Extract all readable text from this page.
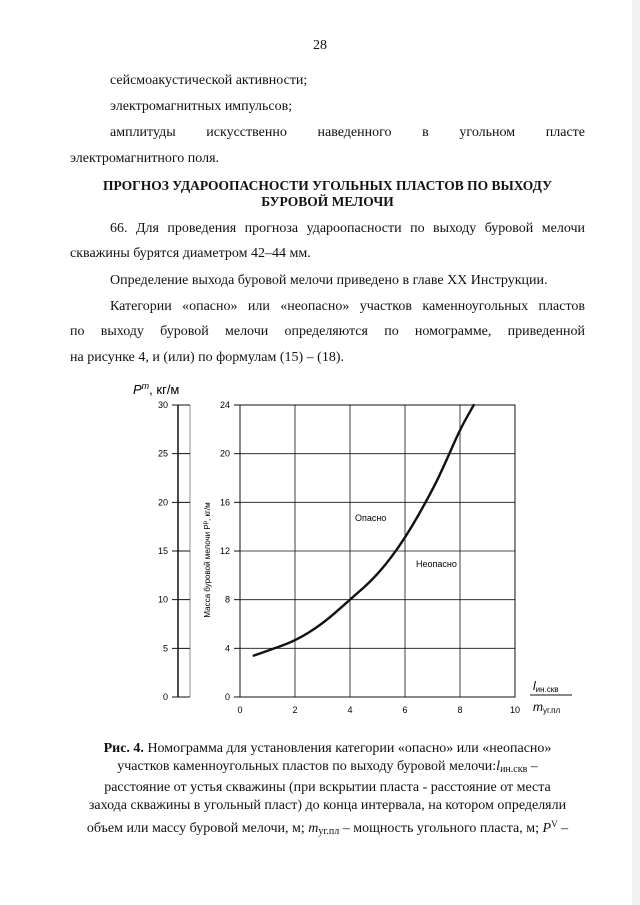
28
сейсмоакустической активности;
электромагнитных импульсов;
амплитуды искусственно наведенного в угольном пласте
электромагнитного поля.
ПРОГНОЗ УДАРООПАСНОСТИ УГОЛЬНЫХ ПЛАСТОВ ПО ВЫХОДУ
БУРОВОЙ МЕЛОЧИ
66. Для проведения прогноза удароопасности по выходу буровой мелочи
скважины бурятся диаметром 42–44 мм.
Определение выхода буровой мелочи приведено в главе XX Инструкции.
Категории «опасно» или «неопасно» участков каменноугольных пластов
по выходу буровой мелочи определяются по номограмме, приведенной
на рисунке 4, и (или) по формулам (15) – (18).
$P^m$, кг/м
30
25
20
15
10
5
0
Масса буровой мелочи $P^р$, кг/м
0
4
8
12
16
20
24
0	2	4	6	8	10
Опасно
Неопасно
lин.скв
mуг.пл
Рис. 4. Номограмма для установления категории «опасно» или «неопасно»
участков каменноугольных пластов по выходу буровой $мелочи:l_{ин.скв}$ –
расстояние от устья скважины (при вскрытии пласта - расстояние от места
захода скважины в угольный пласт) до конца интервала, на котором определяли
объем или массу буровой мелочи, м; $m_{уг.пл}$ – мощность угольного пласта, м; $P^V$ –
